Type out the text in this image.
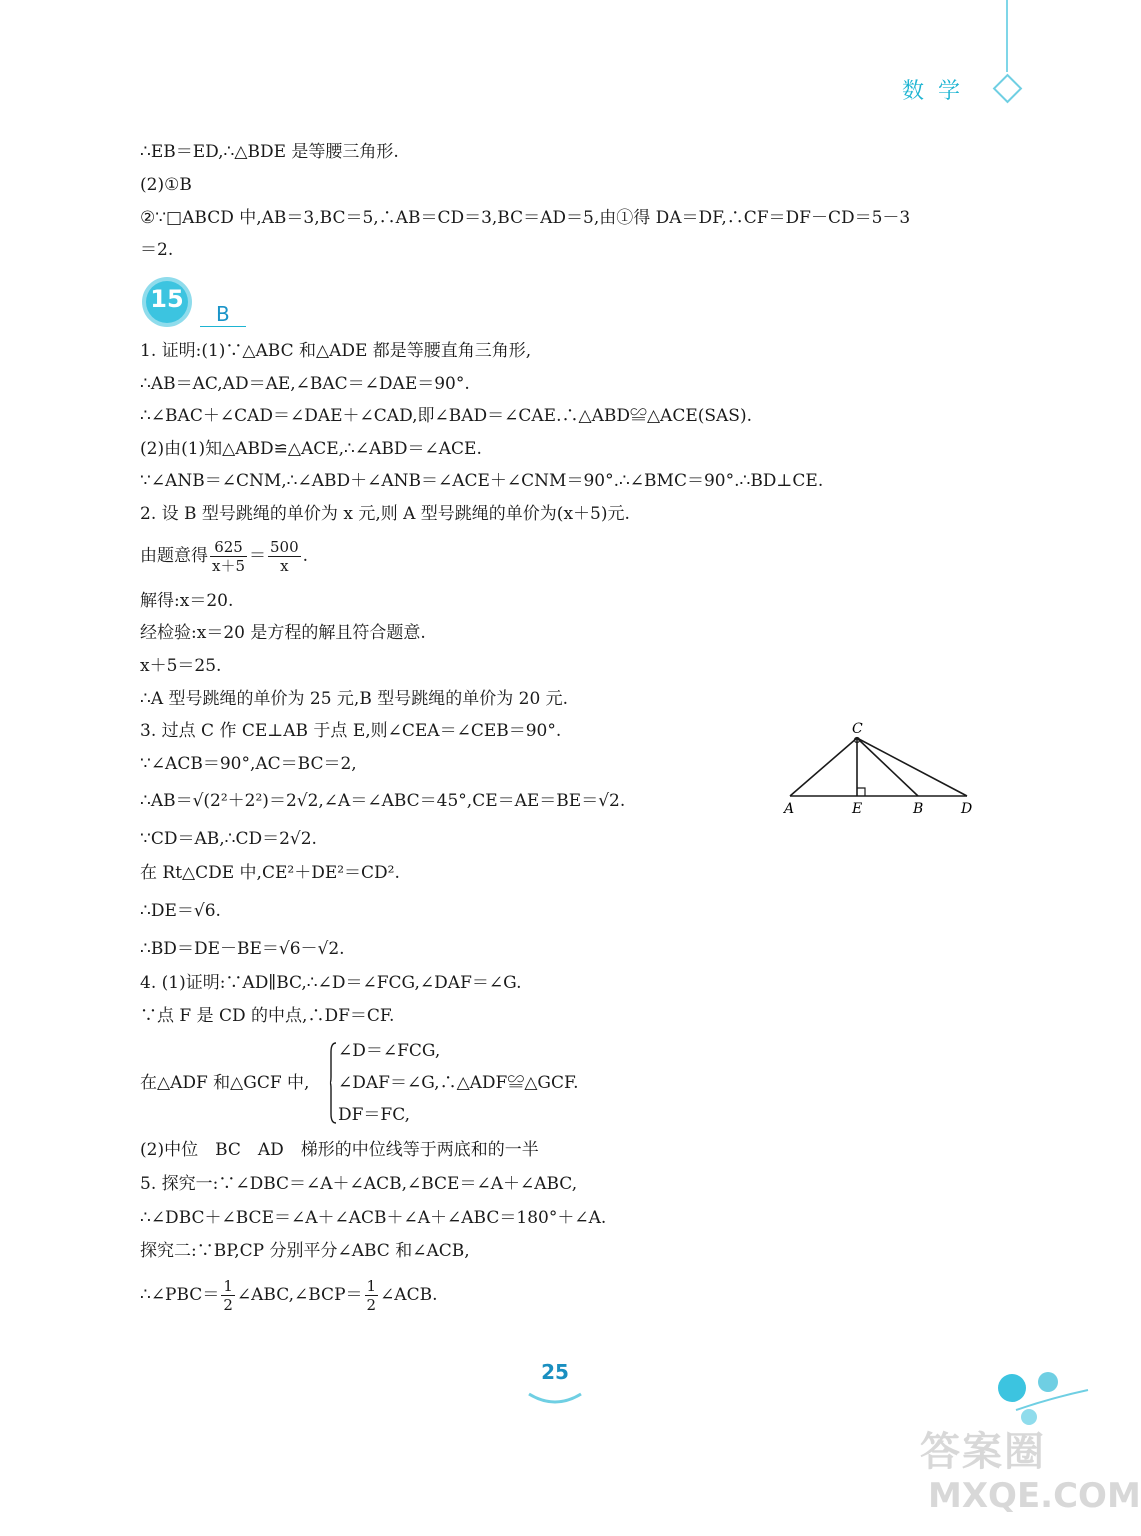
数学
∴EB＝ED,∴△BDE 是等腰三角形.
(2)①B
②∵□ABCD 中,AB＝3,BC＝5,∴AB＝CD＝3,BC＝AD＝5,由①得 DA＝DF,∴CF＝DF－CD＝5－3
＝2.
15
B
1. 证明:(1)∵△ABC 和△ADE 都是等腰直角三角形,
∴AB＝AC,AD＝AE,∠BAC＝∠DAE＝90°.
∴∠BAC＋∠CAD＝∠DAE＋∠CAD,即∠BAD＝∠CAE.∴△ABD≌△ACE(SAS).
(2)由(1)知△ABD≌△ACE,∴∠ABD＝∠ACE.
∵∠ANB＝∠CNM,∴∠ABD＋∠ANB＝∠ACE＋∠CNM＝90°.∴∠BMC＝90°.∴BD⊥CE.
2. 设 B 型号跳绳的单价为 x 元,则 A 型号跳绳的单价为(x＋5)元.
由题意得 $\frac{625}{x+5} = \frac{500}{x}$ .
解得:x＝20.
经检验:x＝20 是方程的解且符合题意.
x＋5＝25.
∴A 型号跳绳的单价为 25 元,B 型号跳绳的单价为 20 元.
3. 过点 C 作 CE⊥AB 于点 E,则∠CEA＝∠CEB＝90°.
∵∠ACB＝90°,AC＝BC＝2,
∴AB＝√(2²＋2²)＝2√2,∠A＝∠ABC＝45°,CE＝AE＝BE＝√2.
∵CD＝AB,∴CD＝2√2.
在 Rt△CDE 中,CE²＋DE²＝CD².
∴DE＝√6.
∴BD＝DE－BE＝√6－√2.
4. (1)证明:∵AD∥BC,∴∠D＝∠FCG,∠DAF＝∠G.
∵点 F 是 CD 的中点,∴DF＝CF.
C
A	E	B	D
在△ADF 和△GCF 中,
∠D＝∠FCG,
∠DAF＝∠G,∴△ADF≌△GCF.
DF＝FC,
(2)中位　BC　AD　梯形的中位线等于两底和的一半
5. 探究一:∵∠DBC＝∠A＋∠ACB,∠BCE＝∠A＋∠ABC,
∴∠DBC＋∠BCE＝∠A＋∠ACB＋∠A＋∠ABC＝180°＋∠A.
探究二:∵BP,CP 分别平分∠ABC 和∠ACB,
∴∠PBC＝ $\frac{1}{2}$ ∠ABC,∠BCP＝ $\frac{1}{2}$ ∠ACB.
25
答案圈
MXQE.COM
